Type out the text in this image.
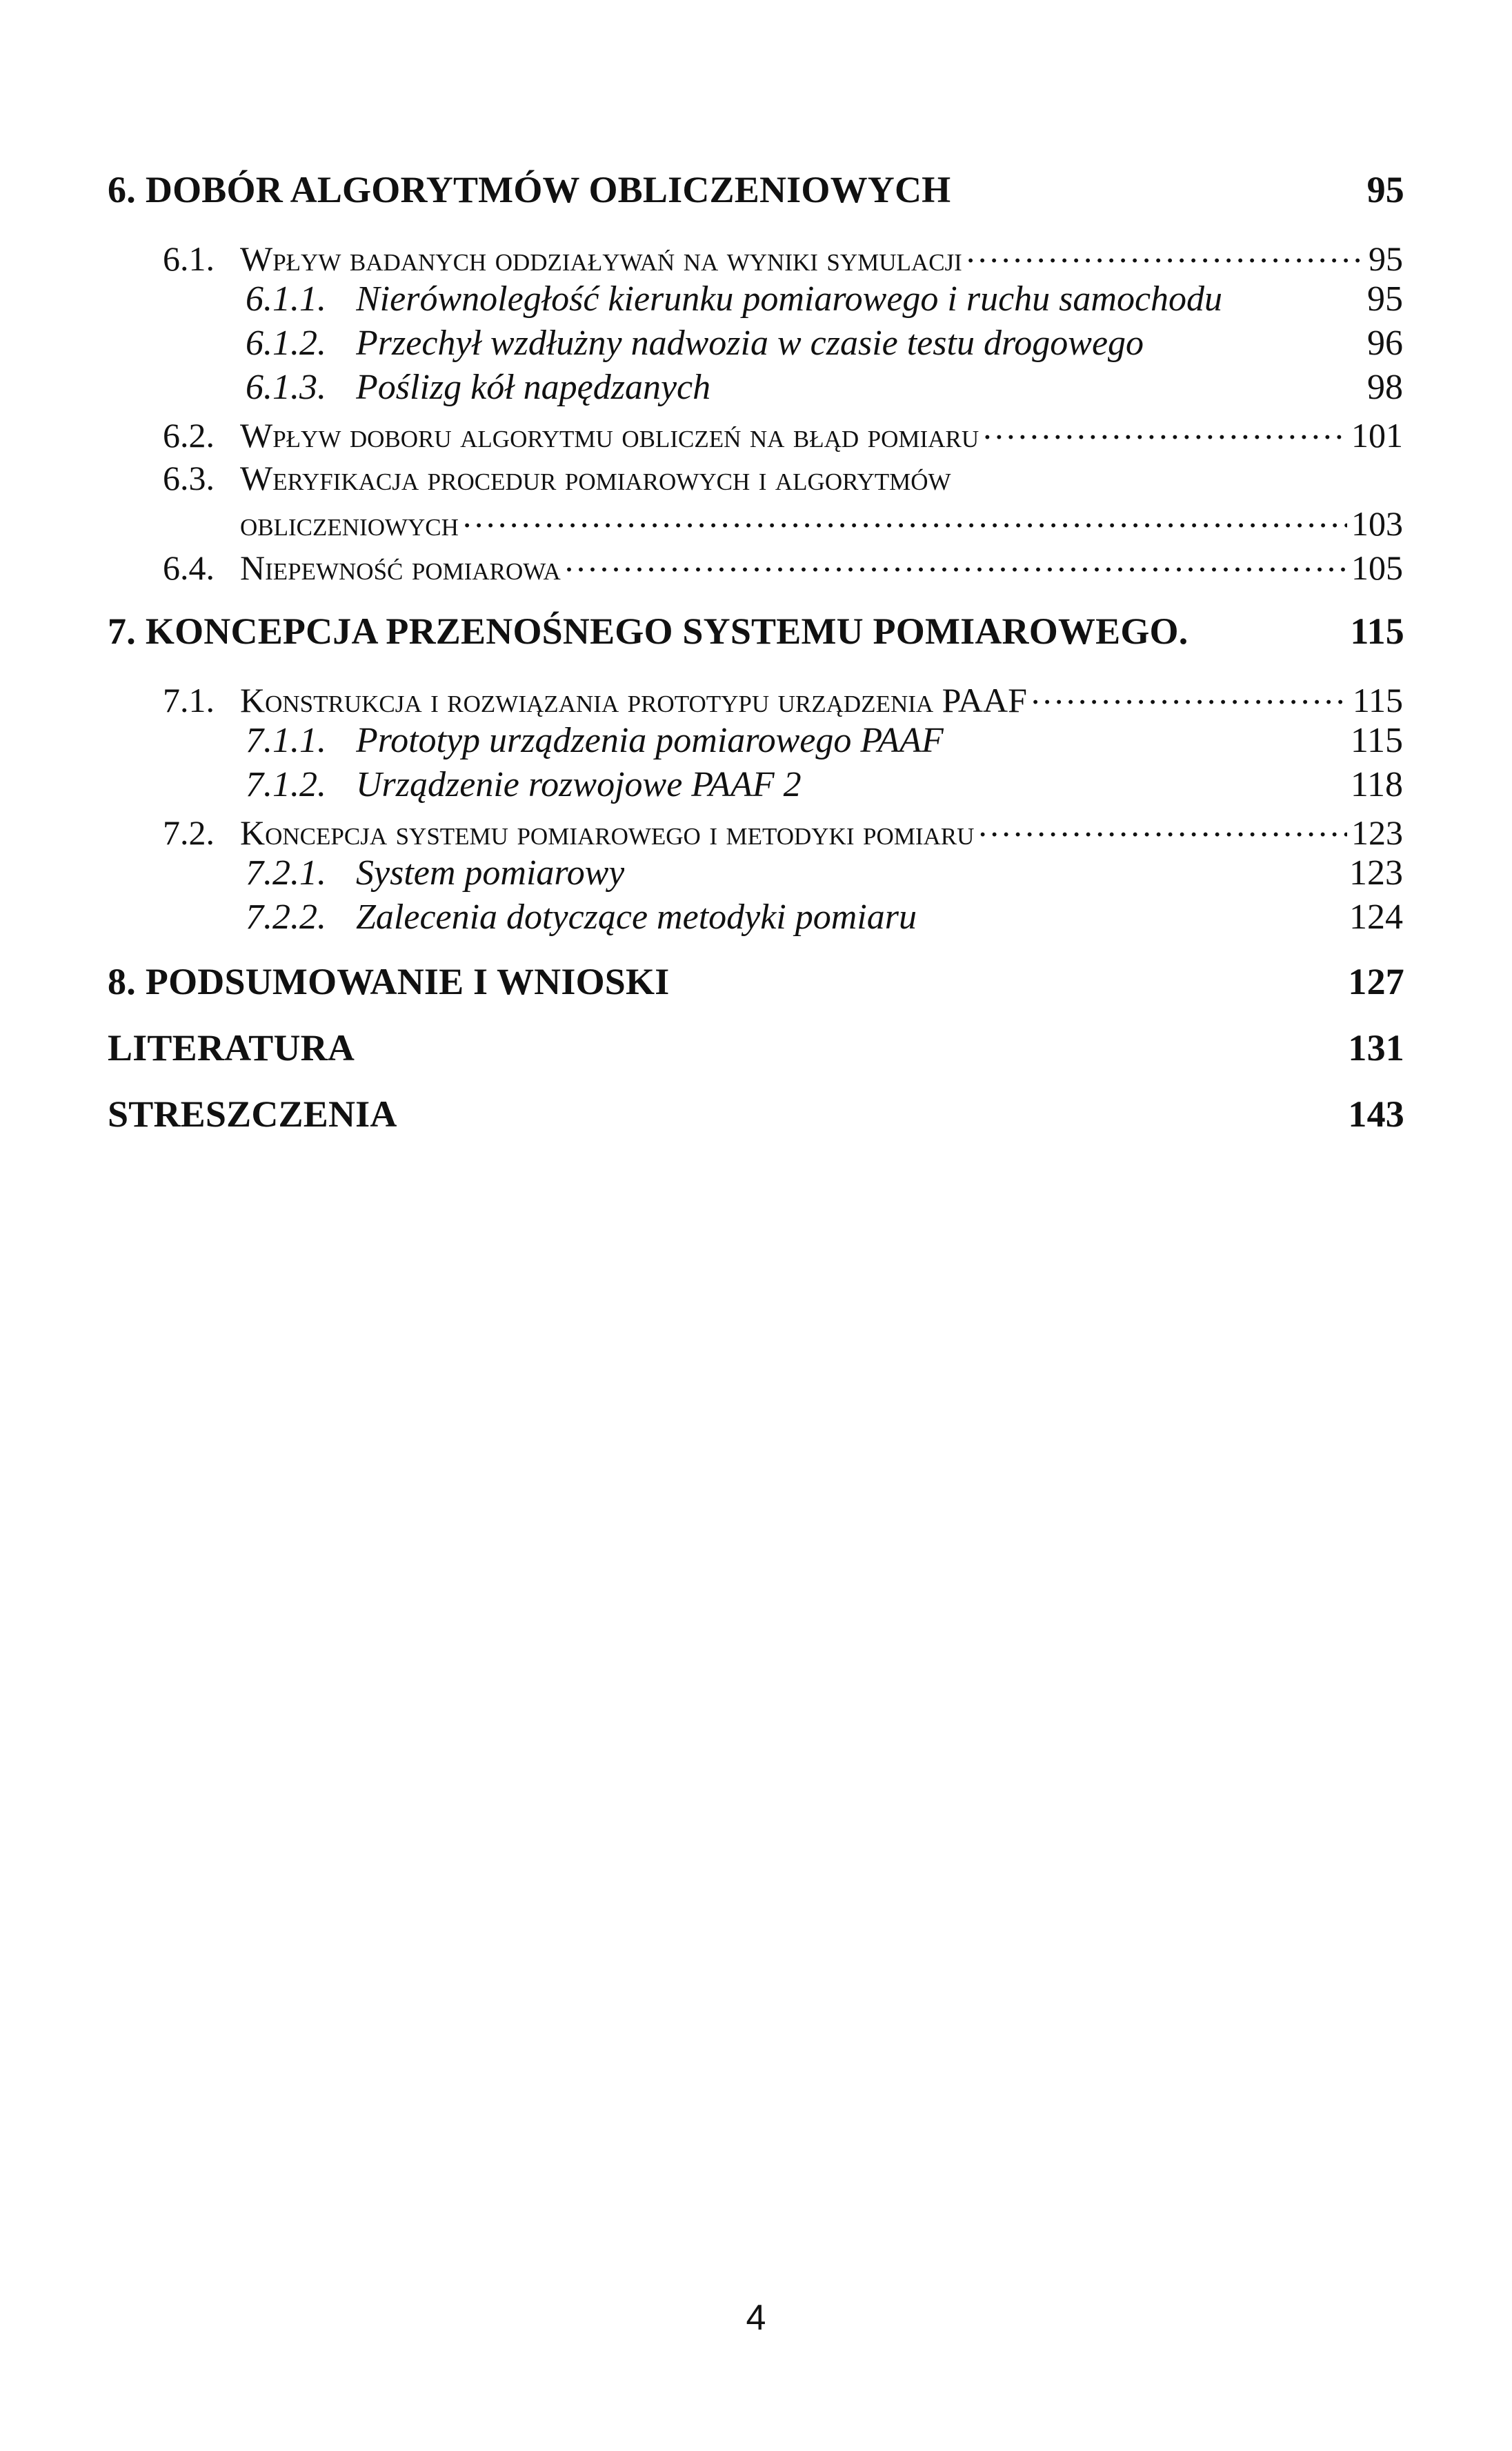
6. DOBÓR ALGORYTMÓW OBLICZENIOWYCH	95
6.1. Wpływ badanych oddziaływań na wyniki symulacji . . .	95
6.1.1. Nierównoległość kierunku pomiarowego i ruchu samochodu	95
6.1.2. Przechył wzdłużny nadwozia w czasie testu drogowego	96
6.1.3. Poślizg kół napędzanych	98
6.2. Wpływ doboru algorytmu obliczeń na błąd pomiaru . . .	101
6.3. Weryfikacja procedur pomiarowych i algorytmów
obliczeniowych . . .	103
6.4. Niepewność pomiarowa . . .	105
7. KONCEPCJA PRZENOŚNEGO SYSTEMU POMIAROWEGO.	115
7.1. Konstrukcja i rozwiązania prototypu urządzenia PAAF . . .	115
7.1.1. Prototyp urządzenia pomiarowego PAAF	115
7.1.2. Urządzenie rozwojowe PAAF 2	118
7.2. Koncepcja systemu pomiarowego i metodyki pomiaru . . .	123
7.2.1. System pomiarowy	123
7.2.2. Zalecenia dotyczące metodyki pomiaru	124
8. PODSUMOWANIE I WNIOSKI	127
LITERATURA	131
STRESZCZENIA	143
4
